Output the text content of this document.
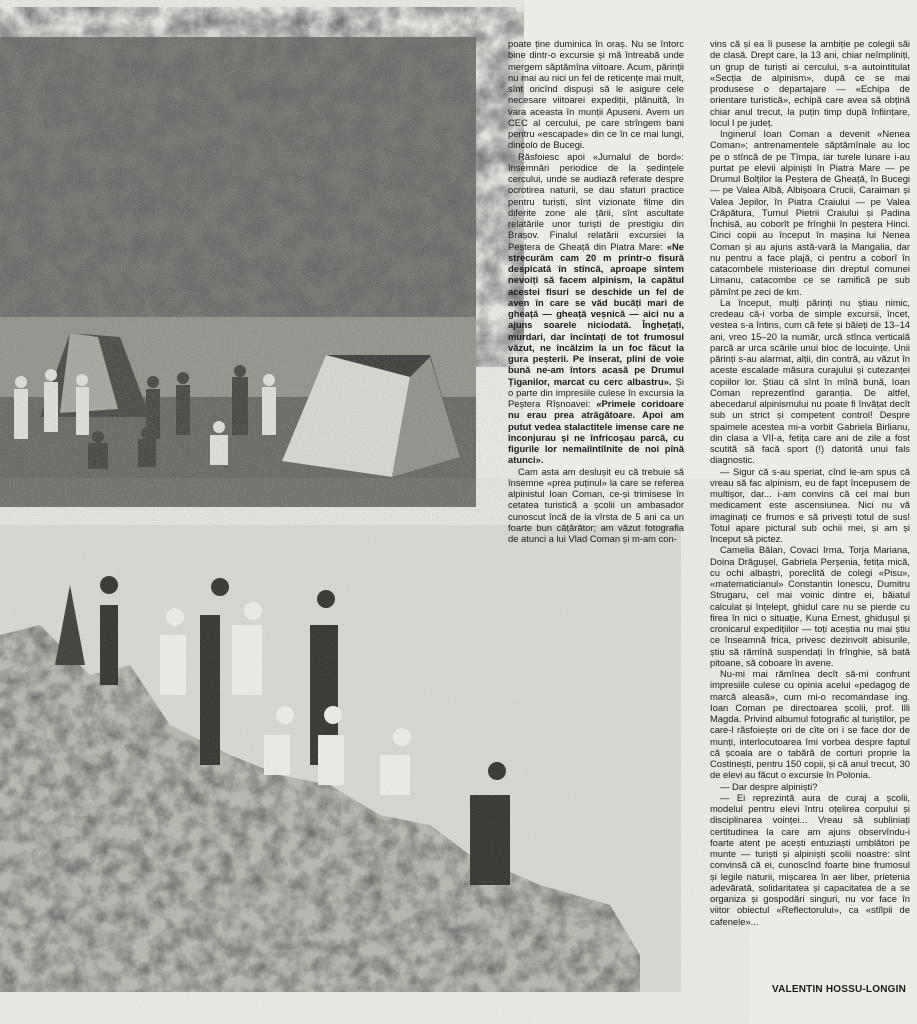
poate ține duminica în oraș. Nu se întorc bine dintr-o excursie și mă întreabă unde mergem săptămîna viitoare. Acum, părinții nu mai au nici un fel de reticențe mai mult, sînt oricînd dispuși să le asigure cele necesare viitoarei expediții, plănuită, în vara aceasta în munții Apuseni. Avem un CEC al cercului, pe care strîngem bani pentru «escapade» din ce în ce mai lungi, dincolo de Bucegi.

Răsfoiesc apoi «Jurnalul de bord»: însemnări periodice de la ședințele cercului, unde se audiază referate despre ocrotirea naturii, se dau sfaturi practice pentru turiști, sînt vizionate filme din diferite zone ale țării, sînt ascultate relatările unor turiști de prestigiu din Brașov. Finalul relatării excursiei la Peștera de Gheață din Piatra Mare: «Ne strecurăm cam 20 m printr-o fisură despicată în stîncă, aproape sîntem nevoiți să facem alpinism, la capătul acestei fisuri se deschide un fel de aven în care se văd bucăți mari de gheață — gheață veșnică — aici nu a ajuns soarele niciodată. Înghețați, murdari, dar încîntați de tot frumosul văzut, ne încălzim la un foc făcut la gura peșterii. Pe înserat, plini de voie bună ne-am întors acasă pe Drumul Țiganilor, marcat cu cerc albastru». Și o parte din impresiile culese în excursia la Peștera Rîșnoavei: «Primele coridoare nu erau prea atrăgătoare. Apoi am putut vedea stalactitele imense care ne înconjurau și ne înfricoșau parcă, cu figurile lor nemaiîntîlnite de noi pînă atunci».

Cam asta am deslușit eu că trebuie să însemne «prea puținul» la care se referea alpinistul Ioan Coman, ce-și trimisese în cetatea turistică a școlii un ambasador cunoscut încă de la vîrsta de 5 ani ca un foarte bun cățărător; am văzut fotografia de atunci a lui Vlad Coman și m-am con-

vins că și ea îi pusese la ambiție pe colegii săi de clasă. Drept care, la 13 ani, chiar neîmpliniți, un grup de turiști ai cercului, s-a autointitulat «Secția de alpinism», după ce se mai produsese o departajare — «Echipa de orientare turistică», echipă care avea să obțină chiar anul trecut, la puțin timp după înființare, locul I pe județ.

Inginerul Ioan Coman a devenit «Nenea Coman»; antrenamentele săptămînale au loc pe o stîncă de pe Tîmpa, iar turele lunare i-au purtat pe elevii alpiniști în Piatra Mare — pe Drumul Bolților la Peștera de Gheață, în Bucegi — pe Valea Albă, Albișoara Crucii, Caraiman și Valea Jepilor, în Piatra Craiului — pe Valea Crăpătura, Turnul Pietrii Craiului și Padina Închisă, au coborît pe frînghii în peștera Hinci. Cinci copii au început în mașina lui Nenea Coman și au ajuns astă-vară la Mangalia, dar nu pentru a face plajă, ci pentru a coborî în catacombele misterioase din dreptul comunei Limanu, catacombe ce se ramifică pe sub pămînt pe zeci de km.

La început, mulți părinți nu știau nimic, credeau că-i vorba de simple excursii, încet, vestea s-a întins, cum că fete și băieți de 13–14 ani, vreo 15–20 la număr, urcă stînca verticală parcă ar urca scările unui bloc de locuințe. Unii părinți s-au alarmat, alții, din contră, au văzut în aceste escalade măsura curajului și cutezanței copiilor lor. Știau că sînt în mînă bună, Ioan Coman reprezentînd garanția. De altfel, abecedarul alpinismului nu poate fi învățat decît sub un strict și competent control! Despre spaimele acestea mi-a vorbit Gabriela Birlianu, din clasa a VII-a, fetița care ani de zile a fost scutită să facă sport (!) datorită unui fals diagnostic.

— Sigur că s-au speriat, cînd le-am spus că vreau să fac alpinism, eu de fapt începusem de multișor, dar... i-am convins că cel mai bun medicament este ascensiunea. Nici nu vă imaginați ce frumos e să privești totul de sus! Totul apare pictural sub ochii mei, și am și început să pictez.

Camelia Bălan, Covaci Irma, Torja Mariana, Doina Drăgușel, Gabriela Perșenia, fetița mică, cu ochi albaștri, poreclită de colegi «Pisu», «matematicianul» Constantin Ionescu, Dumitru Strugaru, cel mai voinic dintre ei, băiatul calculat și înțelept, ghidul care nu se pierde cu firea în nici o situație, Kuna Ernest, ghidușul și cronicarul expedițiilor — toți aceștia nu mai știu ce înseamnă frica, privesc dezinvolt abisurile, știu să rămînă suspendați în frînghie, să bată pitoane, să coboare în avene.

Nu-mi mai rămînea decît să-mi confrunt impresiile culese cu opinia acelui «pedagog de marcă aleasă», cum mi-o recomandase ing. Ioan Coman pe directoarea școlii, prof. Illi Magda. Privind albumul fotografic al turiștilor, pe care-l răsfoiește ori de cîte ori i se face dor de munți, interlocutoarea îmi vorbea despre faptul că școala are o tabără de corturi proprie la Costinești, pentru 150 copii, și că anul trecut, 30 de elevi au făcut o excursie în Polonia.

— Dar despre alpiniști?

— Ei reprezintă aura de curaj a școlii, modelul pentru elevi întru oțelirea corpului și disciplinarea voinței... Vreau să subliniați certitudinea la care am ajuns observîndu-i foarte atent pe acești entuziaști umblători pe munte — turiști și alpiniști școlii noastre: sînt convinsă că ei, cunoscînd foarte bine frumosul și legile naturii, mișcarea în aer liber, prietenia adevărată, solidaritatea și capacitatea de a se organiza și gospodări singuri, nu vor face în viitor obiectul «Reflectorului», ca «stîlpii de cafenele»...

VALENTIN HOSSU-LONGIN
